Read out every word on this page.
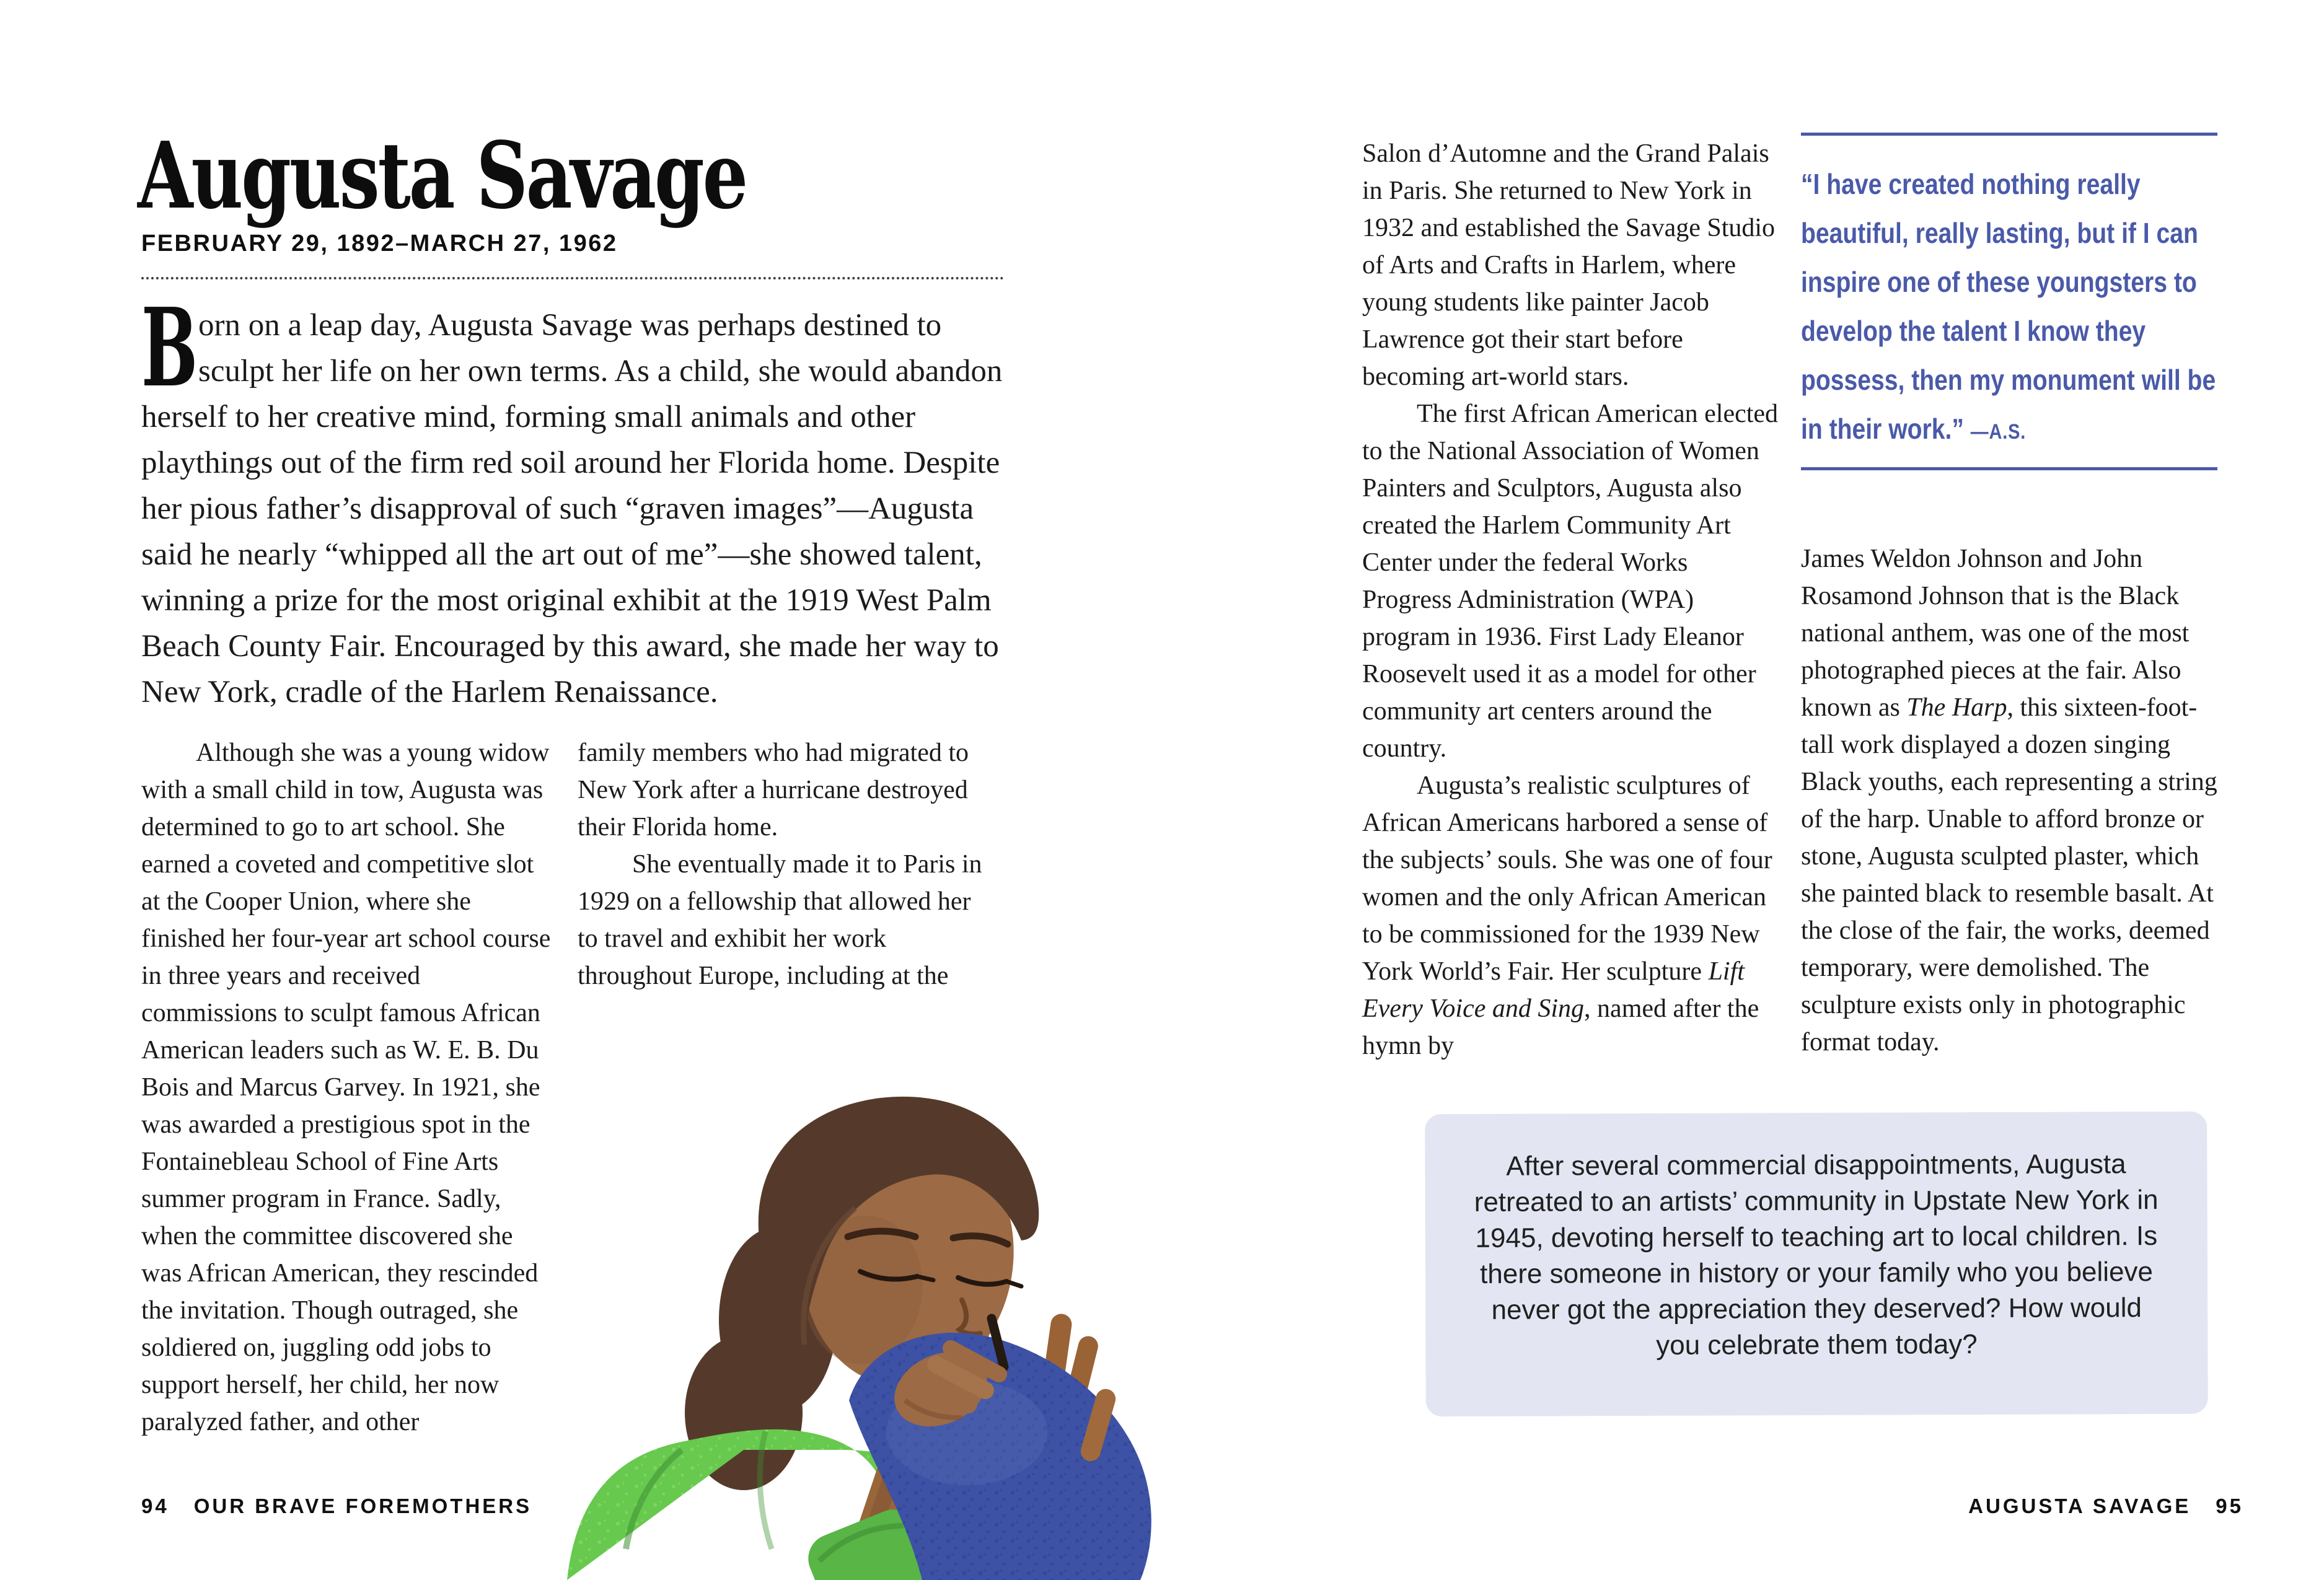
Augusta Savage
FEBRUARY 29, 1892–MARCH 27, 1962
Born on a leap day, Augusta Savage was perhaps destined to sculpt her life on her own terms. As a child, she would abandon herself to her creative mind, forming small animals and other playthings out of the firm red soil around her Florida home. Despite her pious father’s disapproval of such “graven images”—Augusta said he nearly “whipped all the art out of me”—she showed talent, winning a prize for the most original exhibit at the 1919 West Palm Beach County Fair. Encouraged by this award, she made her way to New York, cradle of the Harlem Renaissance.

Although she was a young widow with a small child in tow, Augusta was determined to go to art school. She earned a coveted and competitive slot at the Cooper Union, where she finished her four-year art school course in three years and received commissions to sculpt famous African American leaders such as W. E. B. Du Bois and Marcus Garvey. In 1921, she was awarded a prestigious spot in the Fontainebleau School of Fine Arts summer program in France. Sadly, when the committee discovered she was African American, they rescinded the invitation. Though outraged, she soldiered on, juggling odd jobs to support herself, her child, her now paralyzed father, and other

family members who had migrated to New York after a hurricane destroyed their Florida home.

She eventually made it to Paris in 1929 on a fellowship that allowed her to travel and exhibit her work throughout Europe, including at the

94 OUR BRAVE FOREMOTHERS

Salon d’Automne and the Grand Palais in Paris. She returned to New York in 1932 and established the Savage Studio of Arts and Crafts in Harlem, where young students like painter Jacob Lawrence got their start before becoming art-world stars.

The first African American elected to the National Association of Women Painters and Sculptors, Augusta also created the Harlem Community Art Center under the federal Works Progress Administration (WPA) program in 1936. First Lady Eleanor Roosevelt used it as a model for other community art centers around the country.

Augusta’s realistic sculptures of African Americans harbored a sense of the subjects’ souls. She was one of four women and the only African American to be commissioned for the 1939 New York World’s Fair. Her sculpture Lift Every Voice and Sing, named after the hymn by

“I have created nothing really beautiful, really lasting, but if I can inspire one of these youngsters to develop the talent I know they possess, then my monument will be in their work.” —A.S.

James Weldon Johnson and John Rosamond Johnson that is the Black national anthem, was one of the most photographed pieces at the fair. Also known as The Harp, this sixteen-foot-tall work displayed a dozen singing Black youths, each representing a string of the harp. Unable to afford bronze or stone, Augusta sculpted plaster, which she painted black to resemble basalt. At the close of the fair, the works, deemed temporary, were demolished. The sculpture exists only in photographic format today.

After several commercial disappointments, Augusta retreated to an artists’ community in Upstate New York in 1945, devoting herself to teaching art to local children. Is there someone in history or your family who you believe never got the appreciation they deserved? How would you celebrate them today?
AUGUSTA SAVAGE 95
